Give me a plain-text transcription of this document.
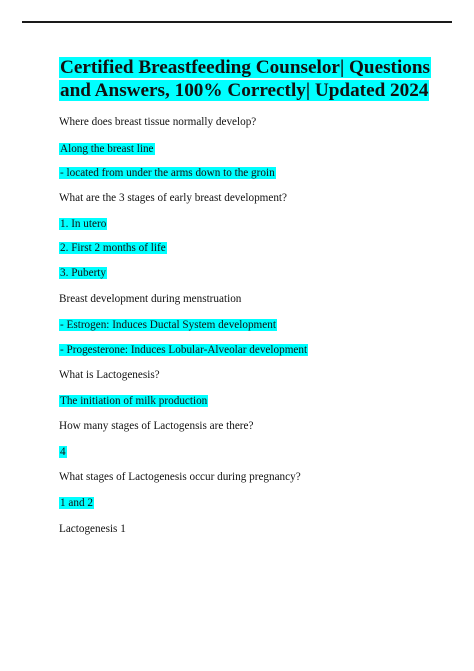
Certified Breastfeeding Counselor| Questions
and Answers, 100% Correctly| Updated 2024
Where does breast tissue normally develop?
Along the breast line
- located from under the arms down to the groin
What are the 3 stages of early breast development?
1. In utero
2. First 2 months of life
3. Puberty
Breast development during menstruation
- Estrogen: Induces Ductal System development
- Progesterone: Induces Lobular-Alveolar development
What is Lactogenesis?
The initiation of milk production
How many stages of Lactogensis are there?
4
What stages of Lactogenesis occur during pregnancy?
1 and 2
Lactogenesis 1
